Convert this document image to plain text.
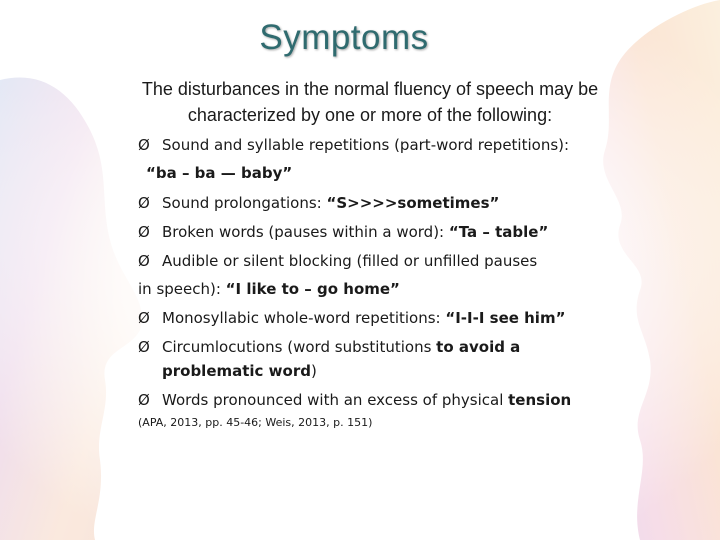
Symptoms
The disturbances in the normal fluency of speech may be characterized by one or more of the following:
Ø Sound and syllable repetitions (part-word repetitions):
“ba – ba — baby”
Ø Sound prolongations: “S>>>>sometimes”
Ø Broken words (pauses within a word): “Ta – table”
Ø Audible or silent blocking (filled or unfilled pauses
in speech): “I like to – go home”
Ø Monosyllabic whole-word repetitions: “I-I-I see him”
Ø Circumlocutions (word substitutions to avoid a
problematic word)
Ø Words pronounced with an excess of physical tension
(APA, 2013, pp. 45-46; Weis, 2013, p. 151)
